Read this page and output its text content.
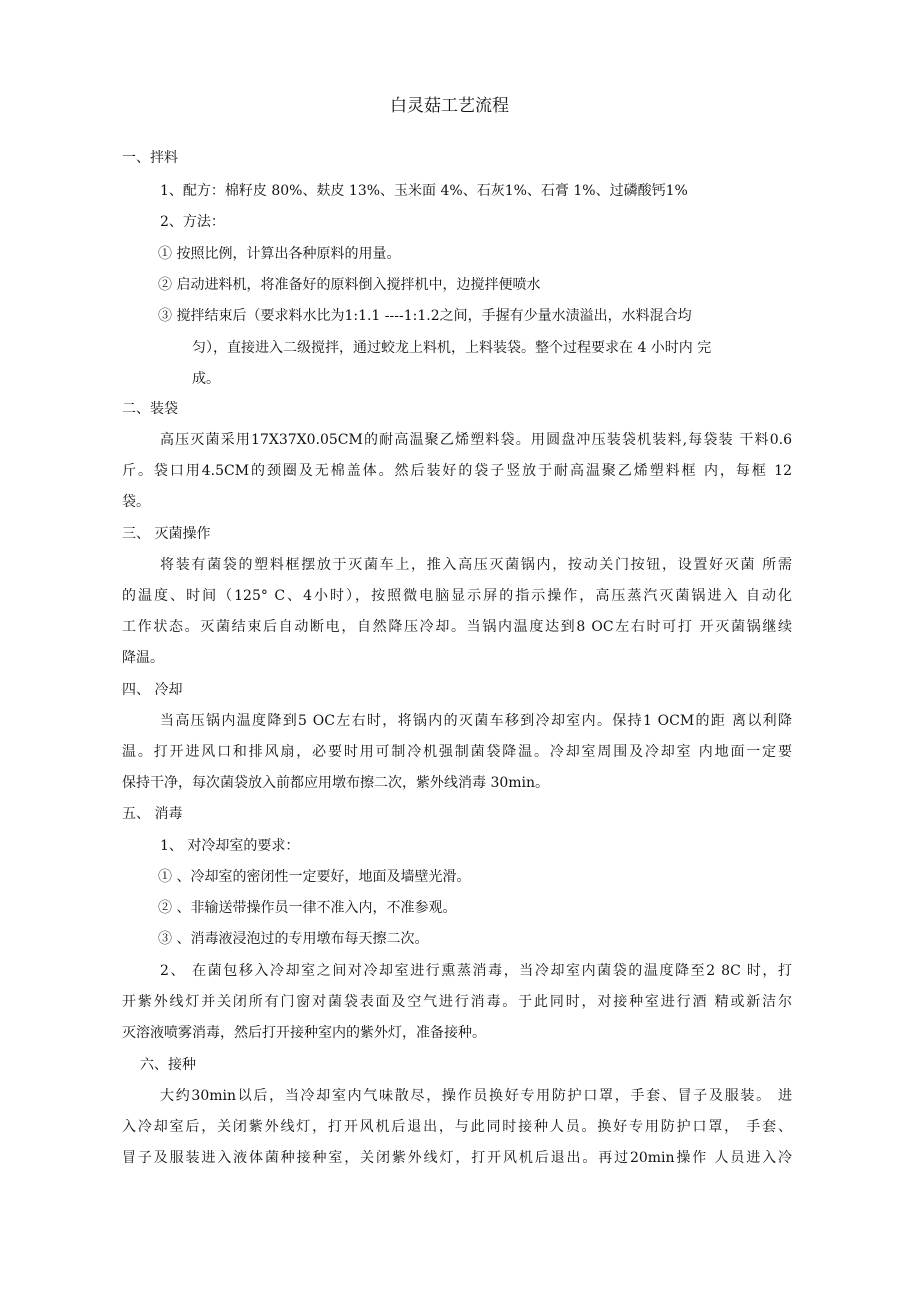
白灵菇工艺流程
一、拌料
1、配方：棉籽皮 80%、麸皮 13%、玉米面 4%、石灰1%、石膏 1%、过磷酸钙1%
2、方法：
① 按照比例，计算出各种原料的用量。
② 启动进料机，将准备好的原料倒入搅拌机中，边搅拌便喷水
③ 搅拌结束后（要求料水比为1:1.1 ----1:1.2之间，手握有少量水渍溢出，水料混合均
匀），直接进入二级搅拌，通过蛟龙上料机，上料装袋。整个过程要求在 4 小时内 完
成。
二、装袋
高压灭菌采用17X37X0.05CM的耐高温聚乙烯塑料袋。用圆盘冲压装袋机装料,每袋装 干料0.6
斤。袋口用4.5CM的颈圈及无棉盖体。然后装好的袋子竖放于耐高温聚乙烯塑料框 内，每框 12
袋。
三、 灭菌操作
将装有菌袋的塑料框摆放于灭菌车上，推入高压灭菌锅内，按动关门按钮，设置好灭菌 所需
的温度、时间（125° C、4小时），按照微电脑显示屏的指示操作，高压蒸汽灭菌锅进入 自动化
工作状态。灭菌结束后自动断电，自然降压冷却。当锅内温度达到8 OC左右时可打 开灭菌锅继续
降温。
四、 冷却
当高压锅内温度降到5 OC左右时，将锅内的灭菌车移到冷却室内。保持1 OCM的距 离以利降
温。打开进风口和排风扇，必要时用可制冷机强制菌袋降温。冷却室周围及冷却室 内地面一定要
保持干净，每次菌袋放入前都应用墩布擦二次，紫外线消毒 30min。
五、 消毒
1、 对冷却室的要求：
① 、冷却室的密闭性一定要好，地面及墙壁光滑。
② 、非输送带操作员一律不准入内，不准参观。
③ 、消毒液浸泡过的专用墩布每天擦二次。
2、 在菌包移入冷却室之间对冷却室进行熏蒸消毒，当冷却室内菌袋的温度降至2 8C 时，打
开紫外线灯并关闭所有门窗对菌袋表面及空气进行消毒。于此同时，对接种室进行酒 精或新洁尔
灭溶液喷雾消毒，然后打开接种室内的紫外灯，准备接种。
六、接种
大约30min以后，当冷却室内气味散尽，操作员换好专用防护口罩，手套、冒子及服装。 进
入冷却室后，关闭紫外线灯，打开风机后退出，与此同时接种人员。换好专用防护口罩， 手套、
冒子及服装进入液体菌种接种室，关闭紫外线灯，打开风机后退出。再过20min操作 人员进入冷
